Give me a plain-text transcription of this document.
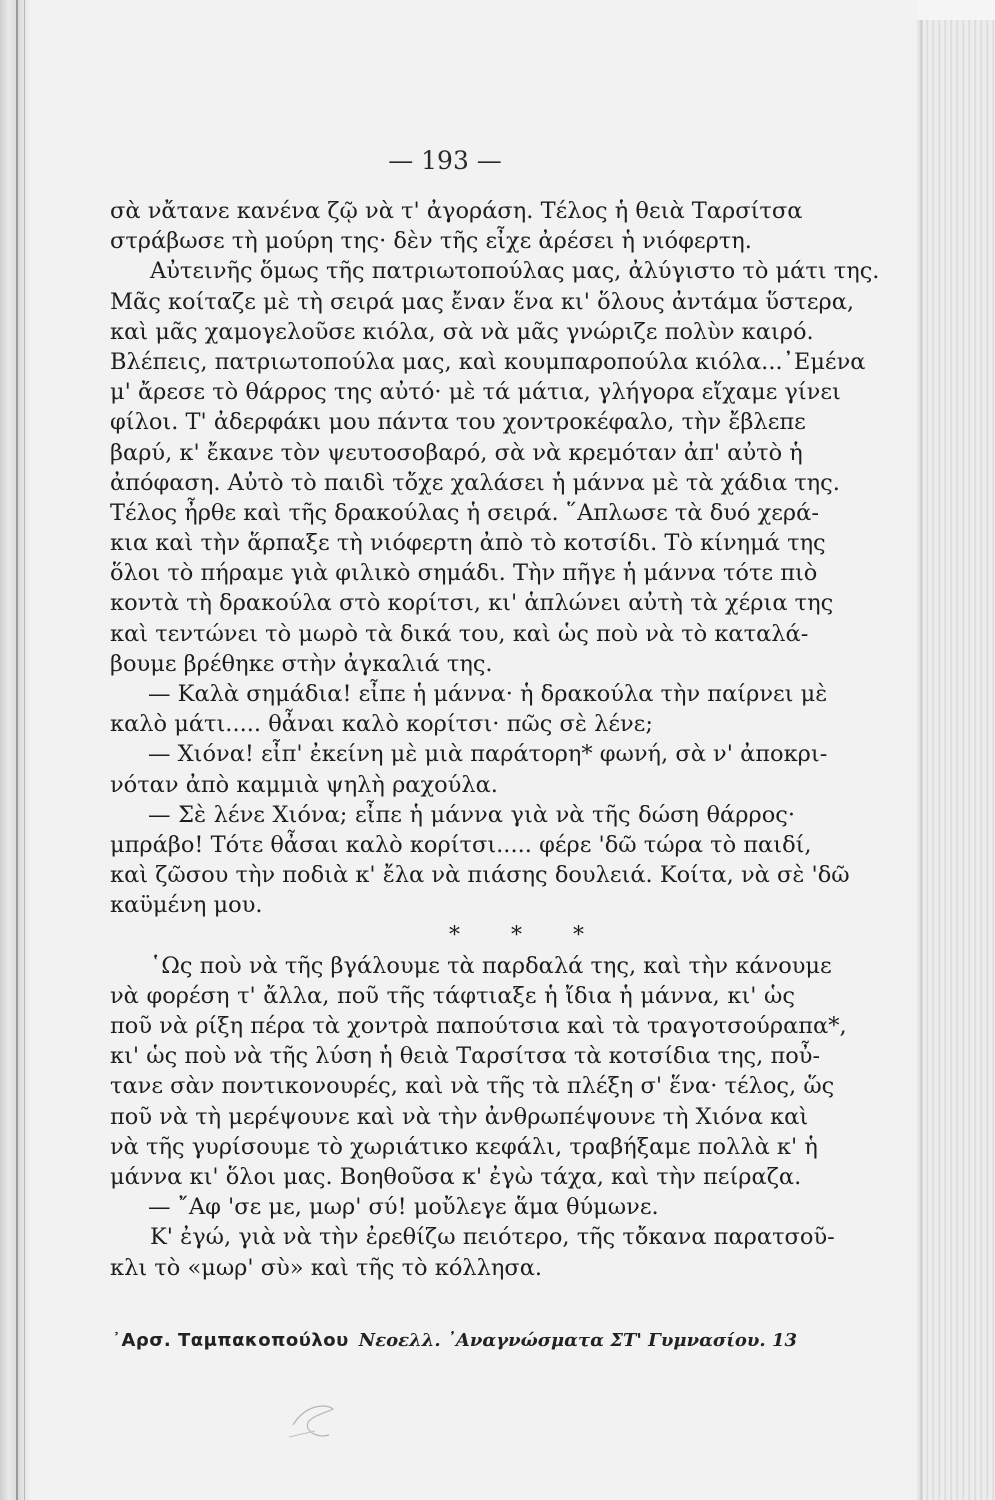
— 193 —
σὰ νἄτανε κανένα ζῷ νὰ τ' ἀγοράση. Τέλος ἡ θειὰ Ταρσίτσα
στράβωσε τὴ μούρη της· δὲν τῆς εἶχε ἀρέσει ἡ νιόφερτη.
Αὐτεινῆς ὅμως τῆς πατριωτοπούλας μας, ἀλύγιστο τὸ μάτι της.
Μᾶς κοίταζε μὲ τὴ σειρά μας ἔναν ἕνα κι' ὅλους ἀντάμα ὕστερα,
καὶ μᾶς χαμογελοῦσε κιόλα, σὰ νὰ μᾶς γνώριζε πολὺν καιρό.
Βλέπεις, πατριωτοπούλα μας, καὶ κουμπαροπούλα κιόλα...᾿Εμένα
μ' ἄρεσε τὸ θάρρος της αὐτό· μὲ τά μάτια, γλήγορα εἴχαμε γίνει
φίλοι. Τ' ἀδερφάκι μου πάντα του χοντροκέφαλο, τὴν ἔβλεπε
βαρύ, κ' ἔκανε τὸν ψευτοσοβαρό, σὰ νὰ κρεμόταν ἀπ' αὐτὸ ἡ
ἀπόφαση. Αὐτὸ τὸ παιδὶ τὄχε χαλάσει ἡ μάννα μὲ τὰ χάδια της.
Τέλος ἦρθε καὶ τῆς δρακούλας ἡ σειρά. ῞Απλωσε τὰ δυό χερά-
κια καὶ τὴν ἅρπαξε τὴ νιόφερτη ἀπὸ τὸ κοτσίδι. Τὸ κίνημά της
ὅλοι τὸ πήραμε γιὰ φιλικὸ σημάδι. Τὴν πῆγε ἡ μάννα τότε πιὸ
κοντὰ τὴ δρακούλα στὸ κορίτσι, κι' ἁπλώνει αὐτὴ τὰ χέρια της
καὶ τεντώνει τὸ μωρὸ τὰ δικά του, καὶ ὡς ποὺ νὰ τὸ καταλά-
βουμε βρέθηκε στὴν ἀγκαλιά της.
— Καλὰ σημάδια! εἶπε ἡ μάννα· ἡ δρακούλα τὴν παίρνει μὲ
καλὸ μάτι..... θἆναι καλὸ κορίτσι· πῶς σὲ λένε;
— Χιόνα! εἶπ' ἐκείνη μὲ μιὰ παράτορη* φωνή, σὰ ν' ἀποκρι-
νόταν ἀπὸ καμμιὰ ψηλὴ ραχούλα.
— Σὲ λένε Χιόνα; εἶπε ἡ μάννα γιὰ νὰ τῆς δώση θάρρος·
μπράβο! Τότε θἆσαι καλὸ κορίτσι..... φέρε 'δῶ τώρα τὸ παιδί,
καὶ ζῶσου τὴν ποδιὰ κ' ἔλα νὰ πιάσης δουλειά. Κοίτα, νὰ σὲ 'δῶ
καϋμένη μου.
* * *
῾Ως ποὺ νὰ τῆς βγάλουμε τὰ παρδαλά της, καὶ τὴν κάνουμε
νὰ φορέση τ' ἄλλα, ποῦ τῆς τάφτιαξε ἡ ἴδια ἡ μάννα, κι' ὡς
ποῦ νὰ ρίξη πέρα τὰ χοντρὰ παπούτσια καὶ τὰ τραγοτσούραπα*,
κι' ὡς ποὺ νὰ τῆς λύση ἡ θειὰ Ταρσίτσα τὰ κοτσίδια της, ποὖ-
τανε σὰν ποντικονουρές, καὶ νὰ τῆς τὰ πλέξη σ' ἕνα· τέλος, ὥς
ποῦ νὰ τὴ μερέψουνε καὶ νὰ τὴν ἀνθρωπέψουνε τὴ Χιόνα καὶ
νὰ τῆς γυρίσουμε τὸ χωριάτικο κεφάλι, τραβήξαμε πολλὰ κ' ἡ
μάννα κι' ὅλοι μας. Βοηθοῦσα κ' ἐγὼ τάχα, καὶ τὴν πείραζα.
— ῎Αφ 'σε με, μωρ' σύ! μοὔλεγε ἅμα θύμωνε.
Κ' ἐγώ, γιὰ νὰ τὴν ἐρεθίζω πειότερο, τῆς τὄκανα παρατσοῦ-
κλι τὸ «μωρ' σὺ» καὶ τῆς τὸ κόλλησα.
᾿Αρσ. Ταμπακοπούλου Νεοελλ. ᾿Αναγνώσματα ΣΤ' Γυμνασίου. 13
